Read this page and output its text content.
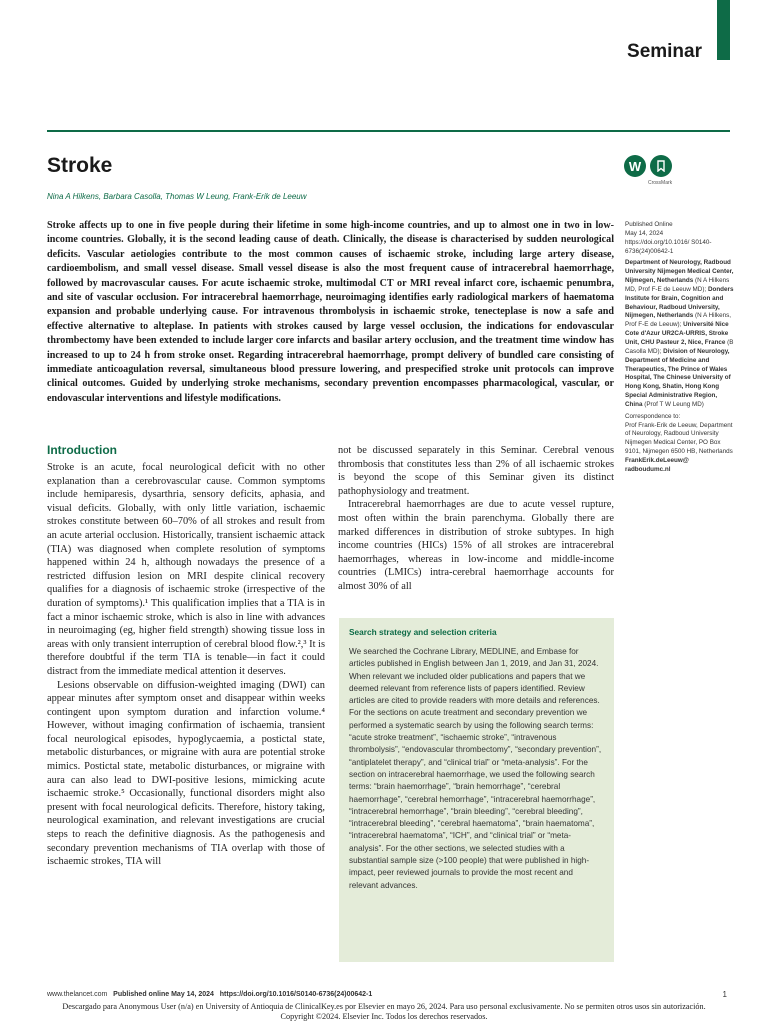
Seminar
Stroke	W
CrossMark
Nina A Hilkens, Barbara Casolla, Thomas W Leung, Frank-Erik de Leeuw

Stroke affects up to one in five people during their lifetime in some high-income countries, and up to almost one in two in low-income countries. Globally, it is the second leading cause of death. Clinically, the disease is characterised by sudden neurological deficits. Vascular aetiologies contribute to the most common causes of ischaemic stroke, including large artery disease, cardioembolism, and small vessel disease. Small vessel disease is also the most frequent cause of intracerebral haemorrhage, followed by macrovascular causes. For acute ischaemic stroke, multimodal CT or MRI reveal infarct core, ischaemic penumbra, and site of vascular occlusion. For intracerebral haemorrhage, neuroimaging identifies early radiological markers of haematoma expansion and probable underlying cause. For intravenous thrombolysis in ischaemic stroke, tenecteplase is now a safe and effective alternative to alteplase. In patients with strokes caused by large vessel occlusion, the indications for endovascular thrombectomy have been extended to include larger core infarcts and basilar artery occlusion, and the treatment time window has increased to up to 24 h from stroke onset. Regarding intracerebral haemorrhage, prompt delivery of bundled care consisting of immediate anticoagulation reversal, simultaneous blood pressure lowering, and prespecified stroke unit protocols can improve clinical outcomes. Guided by underlying stroke mechanisms, secondary prevention encompasses pharmacological, vascular, or endovascular interventions and lifestyle modifications.

Introduction

Stroke is an acute, focal neurological deficit with no other explanation than a cerebrovascular cause. Common symptoms include hemiparesis, dysarthria, sensory deficits, aphasia, and visual deficits. Globally, with only little variation, ischaemic strokes constitute between 60–70% of all strokes and result from an acute arterial occlusion. Historically, transient ischaemic attack (TIA) was diagnosed when complete resolution of symptoms happened within 24 h, although nowadays the presence of a restricted diffusion lesion on MRI despite clinical recovery qualifies for a diagnosis of ischaemic stroke (irrespective of the duration of symptoms).¹ This qualification implies that a TIA is in fact a minor ischaemic stroke, which is also in line with advances in neuroimaging (eg, higher field strength) showing tissue loss in areas with only transient interruption of cerebral blood flow.²,³ It is therefore doubtful if the term TIA is tenable—in fact it could distract from the immediate medical attention it deserves.

Lesions observable on diffusion-weighted imaging (DWI) can appear minutes after symptom onset and disappear within weeks contingent upon symptom duration and infarction volume.⁴ However, without imaging confirmation of ischaemia, transient focal neurological episodes, hypoglycaemia, a postictal state, metabolic disturbances, or migraine with aura are potential stroke mimics. Postictal state, metabolic disturbances, or migraine with aura can also lead to DWI-positive lesions, mimicking acute ischaemic stroke.⁵ Occasionally, functional disorders might also present with focal neurological deficits. Therefore, history taking, neurological examination, and relevant investigations are crucial steps to reach the definitive diagnosis. As the pathogenesis and secondary prevention mechanisms of TIA overlap with those of ischaemic strokes, TIA will

not be discussed separately in this Seminar. Cerebral venous thrombosis that constitutes less than 2% of all ischaemic strokes is beyond the scope of this Seminar given its distinct pathophysiology and treatment.

Intracerebral haemorrhages are due to acute vessel rupture, most often within the brain parenchyma. Globally there are marked differences in distribution of stroke subtypes. In high income countries (HICs) 15% of all strokes are intracerebral haemorrhages, whereas in low-income and middle-income countries (LMICs) intra-cerebral haemorrhage accounts for almost 30% of all

Published Online

May 14, 2024

https://doi.org/10.1016/ S0140-6736(24)00642-1

Department of Neurology, Radboud University Nijmegen Medical Center, Nijmegen, Netherlands (N A Hilkens MD, Prof F-E de Leeuw MD); Donders Institute for Brain, Cognition and Behaviour, Radboud University, Nijmegen, Netherlands (N A Hilkens, Prof F-E de Leeuw); Université Nice Cote d'Azur UR2CA-URRIS, Stroke Unit, CHU Pasteur 2, Nice, France (B Casolla MD); Division of Neurology, Department of Medicine and Therapeutics, The Prince of Wales Hospital, The Chinese University of Hong Kong, Shatin, Hong Kong Special Administrative Region, China (Prof T W Leung MD)

Correspondence to:

Prof Frank-Erik de Leeuw, Department of Neurology, Radboud University Nijmegen Medical Center, PO Box 9101, Nijmegen 6500 HB, Netherlands

FrankErik.deLeeuw@ radboudumc.nl

Search strategy and selection criteria

We searched the Cochrane Library, MEDLINE, and Embase for articles published in English between Jan 1, 2019, and Jan 31, 2024. When relevant we included older publications and papers that we deemed relevant from reference lists of papers identified. Review articles are cited to provide readers with more details and references. For the sections on acute treatment and secondary prevention we performed a systematic search by using the following search terms: “acute stroke treatment”, “ischaemic stroke”, “intravenous thrombolysis”, “endovascular thrombectomy”, “secondary prevention”, “antiplatelet therapy”, and “clinical trial” or “meta-analysis”. For the section on intracerebral haemorrhage, we used the following search terms: “brain haemorrhage”, “brain hemorrhage”, “cerebral haemorrhage”, “cerebral hemorrhage”, “intracerebral haemorrhage”, “intracerebral hemorrhage”, “brain bleeding”, “cerebral bleeding”, “intracerebral bleeding”, “cerebral haematoma”, “brain haematoma”, “intracerebral haematoma”, “ICH”, and “clinical trial” or “meta-analysis”. For the other sections, we selected studies with a substantial sample size (>100 people) that were published in high-impact, peer reviewed journals to provide the most recent and relevant advances.

www.thelancet.com Published online May 14, 2024 https://doi.org/10.1016/S0140-6736(24)00642-1	1

Descargado para Anonymous User (n/a) en University of Antioquia de ClinicalKey.es por Elsevier en mayo 26, 2024. Para uso personal exclusivamente. No se permiten otros usos sin autorización. Copyright ©2024. Elsevier Inc. Todos los derechos reservados.
